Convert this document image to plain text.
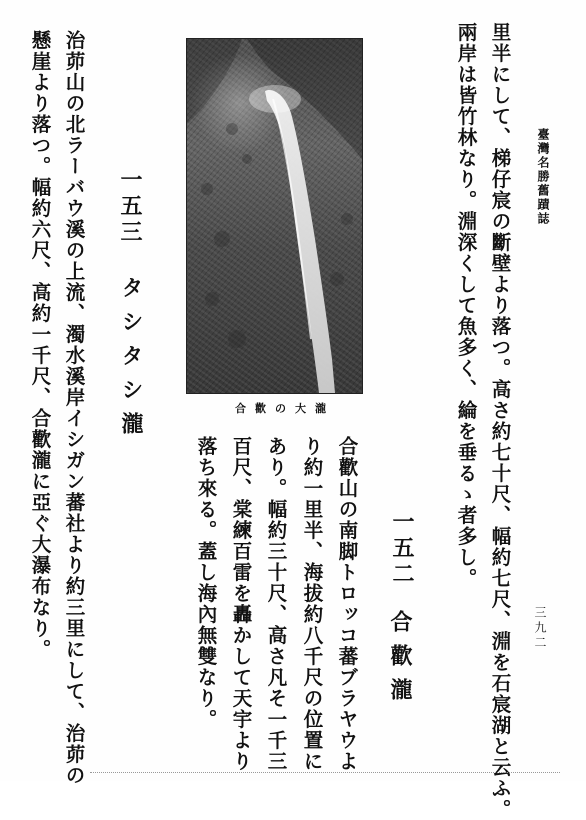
臺灣名勝舊蹟誌
三九二
里半にして、梯仔宸の斷壁より落つ。高さ約七十尺、幅約七尺、淵を石宸湖と云ふ。
兩岸は皆竹林なり。淵深くして魚多く、綸を垂るゝ者多し。
合歡の大瀧
一五二
合歡瀧
合歡山の南脚トロッコ蕃ブラヤウよ
り約一里半、海拔約八千尺の位置に
あり。幅約三十尺、高さ凡そ一千三
百尺、棠練百雷を轟かして天宇より
落ち來る。蓋し海內無雙なり。
一五三
タシタシ瀧
治茆山の北ラーバウ溪の上流、濁水溪岸イシガン蕃社より約三里にして、治茆の
懸崖より落つ。幅約六尺、高約一千尺、合歡瀧に亞ぐ大瀑布なり。
